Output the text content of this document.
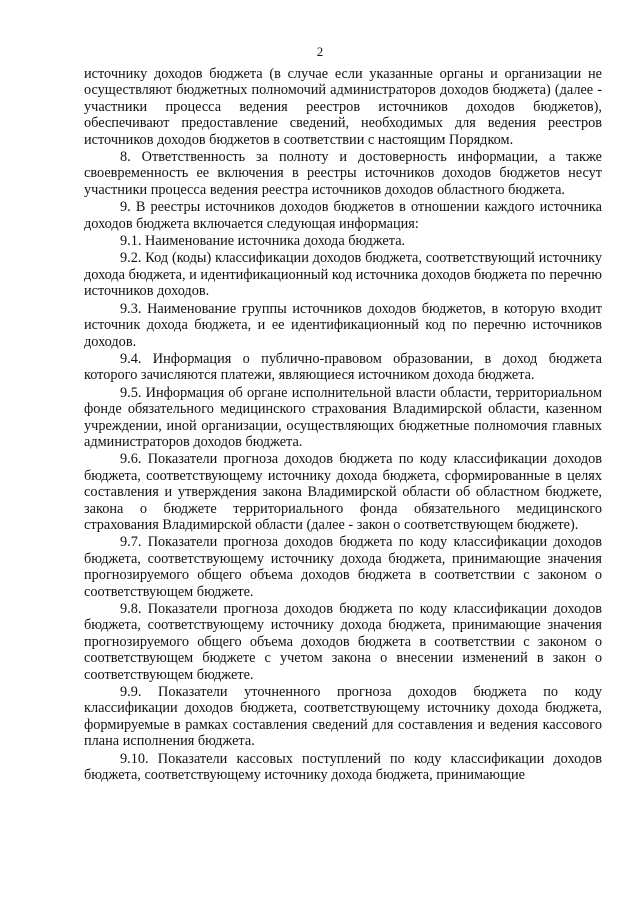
2

источнику доходов бюджета (в случае если указанные органы и организации не осуществляют бюджетных полномочий администраторов доходов бюджета) (далее - участники процесса ведения реестров источников доходов бюджетов), обеспечивают предоставление сведений, необходимых для ведения реестров источников доходов бюджетов в соответствии с настоящим Порядком.

8. Ответственность за полноту и достоверность информации, а также своевременность ее включения в реестры источников доходов бюджетов несут участники процесса ведения реестра источников доходов областного бюджета.

9. В реестры источников доходов бюджетов в отношении каждого источника доходов бюджета включается следующая информация:

9.1. Наименование источника дохода бюджета.

9.2. Код (коды) классификации доходов бюджета, соответствующий источнику дохода бюджета, и идентификационный код источника доходов бюджета по перечню источников доходов.

9.3. Наименование группы источников доходов бюджетов, в которую входит источник дохода бюджета, и ее идентификационный код по перечню источников доходов.

9.4. Информация о публично-правовом образовании, в доход бюджета которого зачисляются платежи, являющиеся источником дохода бюджета.

9.5. Информация об органе исполнительной власти области, территориальном фонде обязательного медицинского страхования Владимирской области, казенном учреждении, иной организации, осуществляющих бюджетные полномочия главных администраторов доходов бюджета.

9.6. Показатели прогноза доходов бюджета по коду классификации доходов бюджета, соответствующему источнику дохода бюджета, сформированные в целях составления и утверждения закона Владимирской области об областном бюджете, закона о бюджете территориального фонда обязательного медицинского страхования Владимирской области (далее - закон о соответствующем бюджете).

9.7. Показатели прогноза доходов бюджета по коду классификации доходов бюджета, соответствующему источнику дохода бюджета, принимающие значения прогнозируемого общего объема доходов бюджета в соответствии с законом о соответствующем бюджете.

9.8. Показатели прогноза доходов бюджета по коду классификации доходов бюджета, соответствующему источнику дохода бюджета, принимающие значения прогнозируемого общего объема доходов бюджета в соответствии с законом о соответствующем бюджете с учетом закона о внесении изменений в закон о соответствующем бюджете.

9.9. Показатели уточненного прогноза доходов бюджета по коду классификации доходов бюджета, соответствующему источнику дохода бюджета, формируемые в рамках составления сведений для составления и ведения кассового плана исполнения бюджета.

9.10. Показатели кассовых поступлений по коду классификации доходов бюджета, соответствующему источнику дохода бюджета, принимающие
